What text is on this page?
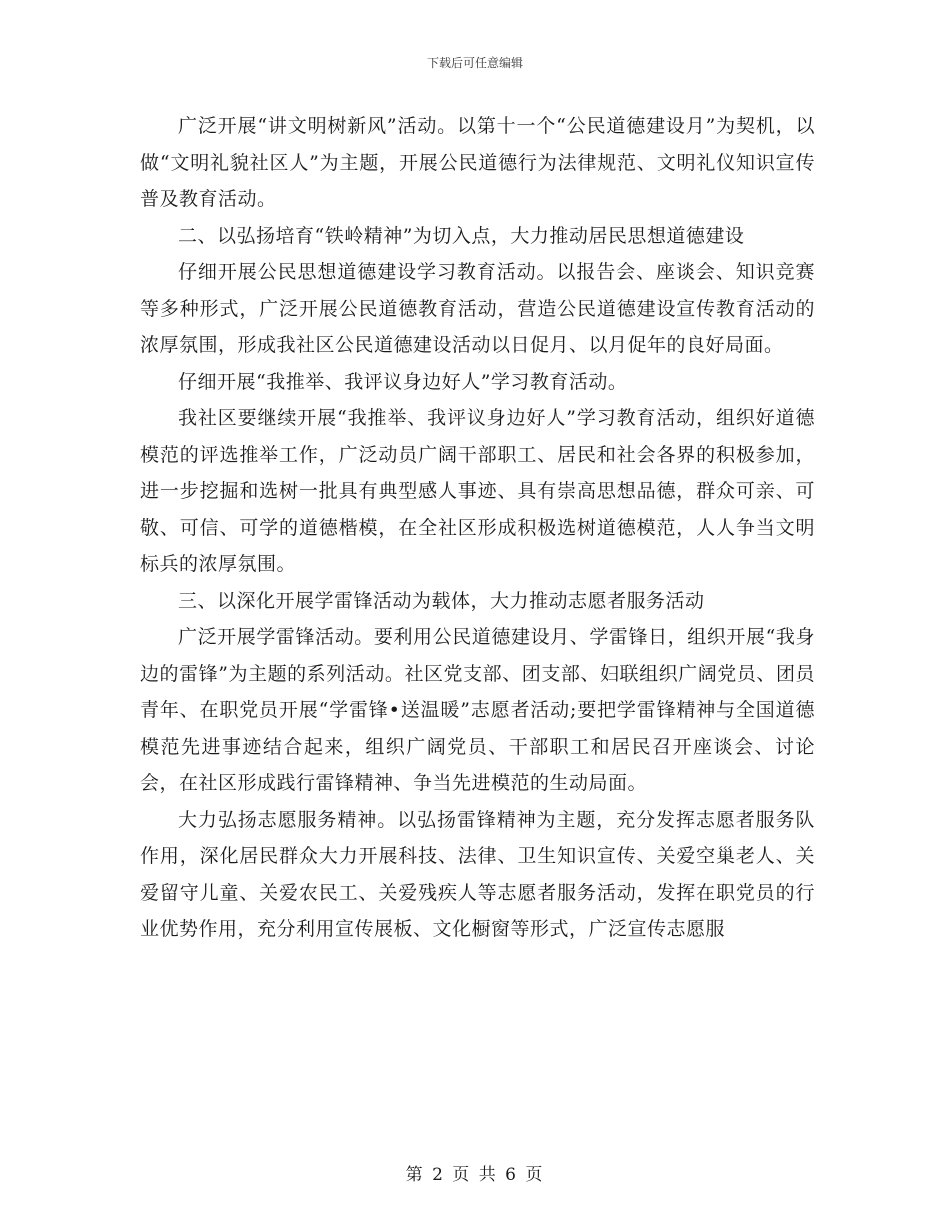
下载后可任意编辑

广泛开展“讲文明树新风”活动。以第十一个“公民道德建设月”为契机，以做“文明礼貌社区人”为主题，开展公民道德行为法律规范、文明礼仪知识宣传普及教育活动。

二、以弘扬培育“铁岭精神”为切入点，大力推动居民思想道德建设

仔细开展公民思想道德建设学习教育活动。以报告会、座谈会、知识竞赛等多种形式，广泛开展公民道德教育活动，营造公民道德建设宣传教育活动的浓厚氛围，形成我社区公民道德建设活动以日促月、以月促年的良好局面。

仔细开展“我推举、我评议身边好人”学习教育活动。

我社区要继续开展“我推举、我评议身边好人”学习教育活动，组织好道德模范的评选推举工作，广泛动员广阔干部职工、居民和社会各界的积极参加，进一步挖掘和选树一批具有典型感人事迹、具有崇高思想品德，群众可亲、可敬、可信、可学的道德楷模，在全社区形成积极选树道德模范，人人争当文明标兵的浓厚氛围。

三、以深化开展学雷锋活动为载体，大力推动志愿者服务活动

广泛开展学雷锋活动。要利用公民道德建设月、学雷锋日，组织开展“我身边的雷锋”为主题的系列活动。社区党支部、团支部、妇联组织广阔党员、团员青年、在职党员开展“学雷锋•送温暖”志愿者活动;要把学雷锋精神与全国道德模范先进事迹结合起来，组织广阔党员、干部职工和居民召开座谈会、讨论会，在社区形成践行雷锋精神、争当先进模范的生动局面。

大力弘扬志愿服务精神。以弘扬雷锋精神为主题，充分发挥志愿者服务队作用，深化居民群众大力开展科技、法律、卫生知识宣传、关爱空巢老人、关爱留守儿童、关爱农民工、关爱残疾人等志愿者服务活动，发挥在职党员的行业优势作用，充分利用宣传展板、文化橱窗等形式，广泛宣传志愿服

第 2 页 共 6 页
